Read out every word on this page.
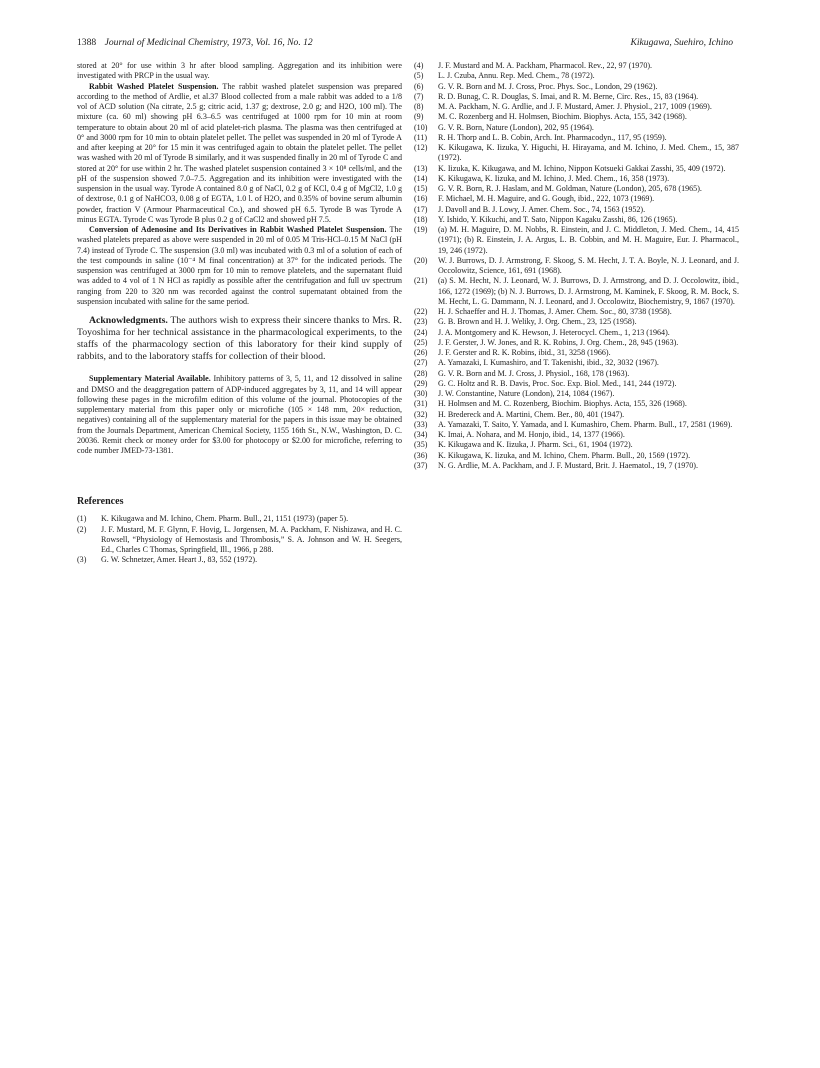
1388 Journal of Medicinal Chemistry, 1973, Vol. 16, No. 12	Kikugawa, Suehiro, Ichino

stored at 20° for use within 3 hr after blood sampling. Aggregation and its inhibition were investigated with PRCP in the usual way.

Rabbit Washed Platelet Suspension. The rabbit washed platelet suspension was prepared according to the method of Ardlie, et al.37 Blood collected from a male rabbit was added to a 1/8 vol of ACD solution (Na citrate, 2.5 g; citric acid, 1.37 g; dextrose, 2.0 g; and H2O, 100 ml). The mixture (ca. 60 ml) showing pH 6.3–6.5 was centrifuged at 1000 rpm for 10 min at room temperature to obtain about 20 ml of acid platelet-rich plasma. The plasma was then centrifuged at 0° and 3000 rpm for 10 min to obtain platelet pellet. The pellet was suspended in 20 ml of Tyrode A and after keeping at 20° for 15 min it was centrifuged again to obtain the platelet pellet. The pellet was washed with 20 ml of Tyrode B similarly, and it was suspended finally in 20 ml of Tyrode C and stored at 20° for use within 2 hr. The washed platelet suspension contained 3 × 10⁸ cells/ml, and the pH of the suspension showed 7.0–7.5. Aggregation and its inhibition were investigated with the suspension in the usual way. Tyrode A contained 8.0 g of NaCl, 0.2 g of KCl, 0.4 g of MgCl2, 1.0 g of dextrose, 0.1 g of NaHCO3, 0.08 g of EGTA, 1.0 l. of H2O, and 0.35% of bovine serum albumin powder, fraction V (Armour Pharmaceutical Co.), and showed pH 6.5. Tyrode B was Tyrode A minus EGTA. Tyrode C was Tyrode B plus 0.2 g of CaCl2 and showed pH 7.5.

Conversion of Adenosine and Its Derivatives in Rabbit Washed Platelet Suspension. The washed platelets prepared as above were suspended in 20 ml of 0.05 M Tris-HCl–0.15 M NaCl (pH 7.4) instead of Tyrode C. The suspension (3.0 ml) was incubated with 0.3 ml of a solution of each of the test compounds in saline (10⁻⁴ M final concentration) at 37° for the indicated periods. The suspension was centrifuged at 3000 rpm for 10 min to remove platelets, and the supernatant fluid was added to 4 vol of 1 N HCl as rapidly as possible after the centrifugation and full uv spectrum ranging from 220 to 320 nm was recorded against the control supernatant obtained from the suspension incubated with saline for the same period.

Acknowledgments. The authors wish to express their sincere thanks to Mrs. R. Toyoshima for her technical assistance in the pharmacological experiments, to the staffs of the pharmacology section of this laboratory for their kind supply of rabbits, and to the laboratory staffs for collection of their blood.

Supplementary Material Available. Inhibitory patterns of 3, 5, 11, and 12 dissolved in saline and DMSO and the deaggregation pattern of ADP-induced aggregates by 3, 11, and 14 will appear following these pages in the microfilm edition of this volume of the journal. Photocopies of the supplementary material from this paper only or microfiche (105 × 148 mm, 20× reduction, negatives) containing all of the supplementary material for the papers in this issue may be obtained from the Journals Department, American Chemical Society, 1155 16th St., N.W., Washington, D. C. 20036. Remit check or money order for $3.00 for photocopy or $2.00 for microfiche, referring to code number JMED-73-1381.

References

(1) K. Kikugawa and M. Ichino, Chem. Pharm. Bull., 21, 1151 (1973) (paper 5).

(2) J. F. Mustard, M. F. Glynn, F. Hovig, L. Jorgensen, M. A. Packham, F. Nishizawa, and H. C. Rowsell, “Physiology of Hemostasis and Thrombosis,” S. A. Johnson and W. H. Seegers, Ed., Charles C Thomas, Springfield, Ill., 1966, p 288.

(3) G. W. Schnetzer, Amer. Heart J., 83, 552 (1972).

(4) J. F. Mustard and M. A. Packham, Pharmacol. Rev., 22, 97 (1970).

(5) L. J. Czuba, Annu. Rep. Med. Chem., 78 (1972).

(6) G. V. R. Born and M. J. Cross, Proc. Phys. Soc., London, 29 (1962).

(7) R. D. Bunag, C. R. Douglas, S. Imai, and R. M. Berne, Circ. Res., 15, 83 (1964).

(8) M. A. Packham, N. G. Ardlie, and J. F. Mustard, Amer. J. Physiol., 217, 1009 (1969).

(9) M. C. Rozenberg and H. Holmsen, Biochim. Biophys. Acta, 155, 342 (1968).

(10) G. V. R. Born, Nature (London), 202, 95 (1964).

(11) R. H. Thorp and L. B. Cobin, Arch. Int. Pharmacodyn., 117, 95 (1959).

(12) K. Kikugawa, K. Iizuka, Y. Higuchi, H. Hirayama, and M. Ichino, J. Med. Chem., 15, 387 (1972).

(13) K. Iizuka, K. Kikugawa, and M. Ichino, Nippon Kotsueki Gakkai Zasshi, 35, 409 (1972).

(14) K. Kikugawa, K. Iizuka, and M. Ichino, J. Med. Chem., 16, 358 (1973).

(15) G. V. R. Born, R. J. Haslam, and M. Goldman, Nature (London), 205, 678 (1965).

(16) F. Michael, M. H. Maguire, and G. Gough, ibid., 222, 1073 (1969).

(17) J. Davoll and B. J. Lowy, J. Amer. Chem. Soc., 74, 1563 (1952).

(18) Y. Ishido, Y. Kikuchi, and T. Sato, Nippon Kagaku Zasshi, 86, 126 (1965).

(19) (a) M. H. Maguire, D. M. Nobbs, R. Einstein, and J. C. Middleton, J. Med. Chem., 14, 415 (1971); (b) R. Einstein, J. A. Argus, L. B. Cobbin, and M. H. Maguire, Eur. J. Pharmacol., 19, 246 (1972).

(20) W. J. Burrows, D. J. Armstrong, F. Skoog, S. M. Hecht, J. T. A. Boyle, N. J. Leonard, and J. Occolowitz, Science, 161, 691 (1968).

(21) (a) S. M. Hecht, N. J. Leonard, W. J. Burrows, D. J. Armstrong, and D. J. Occolowitz, ibid., 166, 1272 (1969); (b) N. J. Burrows, D. J. Armstrong, M. Kaminek, F. Skoog, R. M. Bock, S. M. Hecht, L. G. Dammann, N. J. Leonard, and J. Occolowitz, Biochemistry, 9, 1867 (1970).

(22) H. J. Schaeffer and H. J. Thomas, J. Amer. Chem. Soc., 80, 3738 (1958).

(23) G. B. Brown and H. J. Weliky, J. Org. Chem., 23, 125 (1958).

(24) J. A. Montgomery and K. Hewson, J. Heterocycl. Chem., 1, 213 (1964).

(25) J. F. Gerster, J. W. Jones, and R. K. Robins, J. Org. Chem., 28, 945 (1963).

(26) J. F. Gerster and R. K. Robins, ibid., 31, 3258 (1966).

(27) A. Yamazaki, I. Kumashiro, and T. Takenishi, ibid., 32, 3032 (1967).

(28) G. V. R. Born and M. J. Cross, J. Physiol., 168, 178 (1963).

(29) G. C. Holtz and R. B. Davis, Proc. Soc. Exp. Biol. Med., 141, 244 (1972).

(30) J. W. Constantine, Nature (London), 214, 1084 (1967).

(31) H. Holmsen and M. C. Rozenberg, Biochim. Biophys. Acta, 155, 326 (1968).

(32) H. Bredereck and A. Martini, Chem. Ber., 80, 401 (1947).

(33) A. Yamazaki, T. Saito, Y. Yamada, and I. Kumashiro, Chem. Pharm. Bull., 17, 2581 (1969).

(34) K. Imai, A. Nohara, and M. Honjo, ibid., 14, 1377 (1966).

(35) K. Kikugawa and K. Iizuka, J. Pharm. Sci., 61, 1904 (1972).

(36) K. Kikugawa, K. Iizuka, and M. Ichino, Chem. Pharm. Bull., 20, 1569 (1972).

(37) N. G. Ardlie, M. A. Packham, and J. F. Mustard, Brit. J. Haematol., 19, 7 (1970).
